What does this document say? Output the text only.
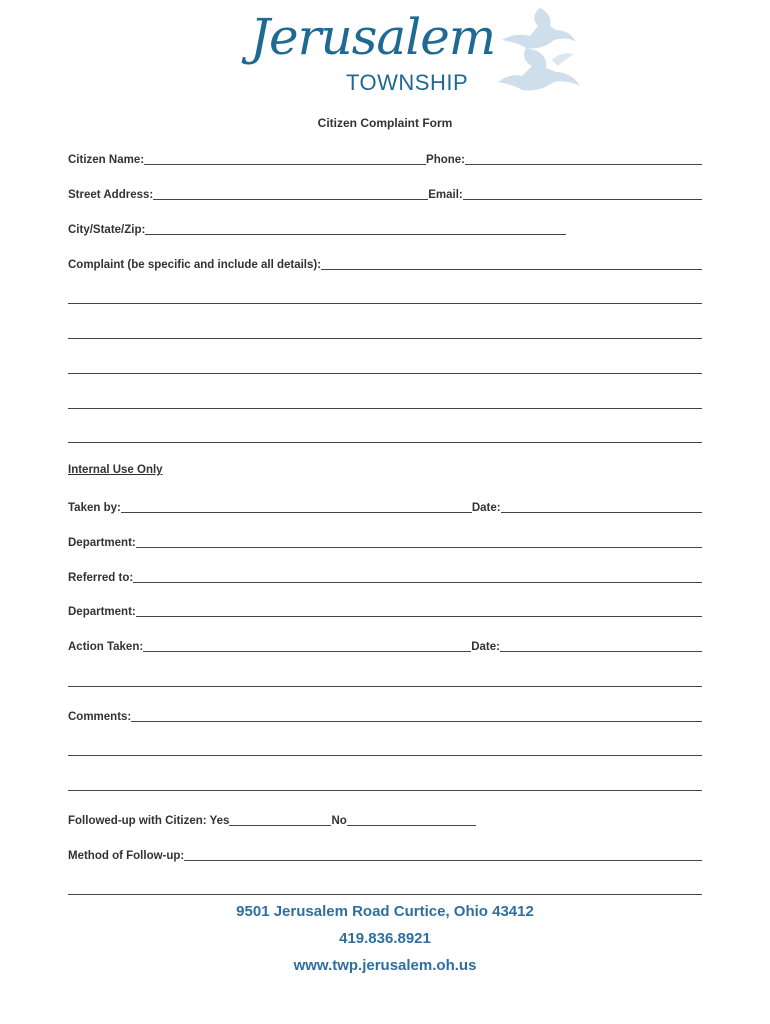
Jerusalem
TOWNSHIP
Citizen Complaint Form
Citizen Name:	Phone:
Street Address:	Email:
City/State/Zip:
Complaint (be specific and include all details):
Internal Use Only
Taken by:	Date:
Department:
Referred to:
Department:
Action Taken:	Date:
Comments:
Followed-up with Citizen: Yes	No
Method of Follow-up:
9501 Jerusalem Road Curtice, Ohio 43412
419.836.8921
www.twp.jerusalem.oh.us
